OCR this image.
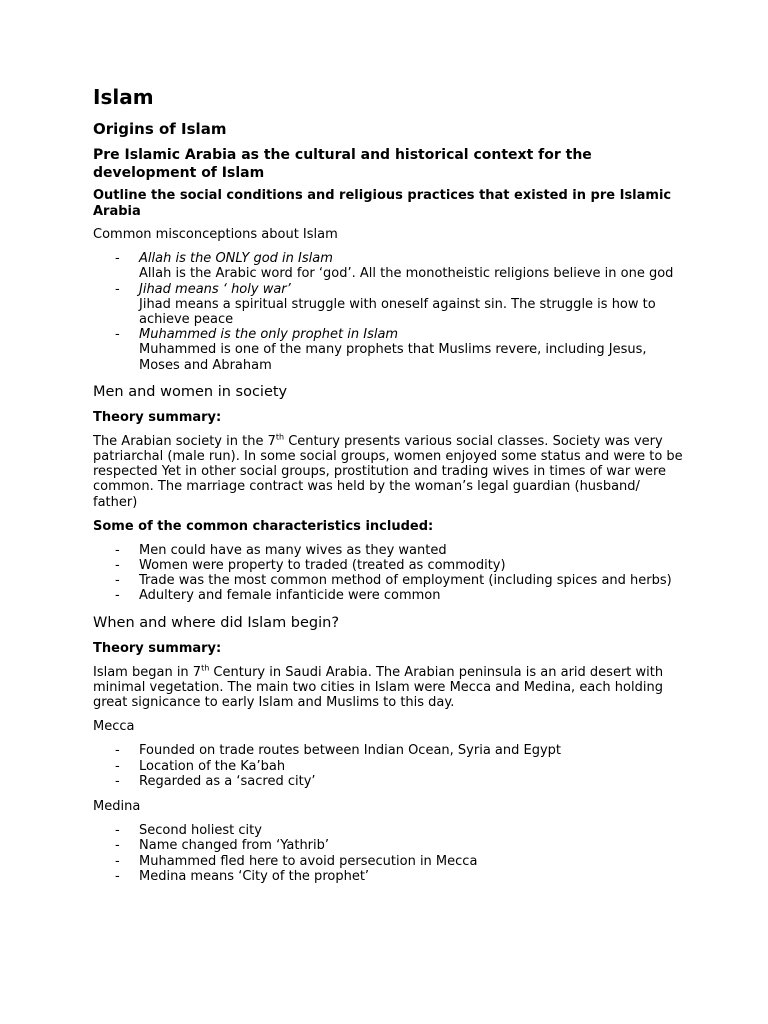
Islam
Origins of Islam
Pre Islamic Arabia as the cultural and historical context for the development of Islam
Outline the social conditions and religious practices that existed in pre Islamic Arabia

Common misconceptions about Islam

- Allah is the ONLY god in Islam
Allah is the Arabic word for ‘god’. All the monotheistic religions believe in one god
- Jihad means ‘ holy war’
Jihad means a spiritual struggle with oneself against sin. The struggle is how to achieve peace
- Muhammed is the only prophet in Islam
Muhammed is one of the many prophets that Muslims revere, including Jesus, Moses and Abraham
Men and women in society
Theory summary:

The Arabian society in the 7th Century presents various social classes. Society was very patriarchal (male run). In some social groups, women enjoyed some status and were to be respected Yet in other social groups, prostitution and trading wives in times of war were common. The marriage contract was held by the woman’s legal guardian (husband/ father)

Some of the common characteristics included:
- Men could have as many wives as they wanted
- Women were property to traded (treated as commodity)
- Trade was the most common method of employment (including spices and herbs)
- Adultery and female infanticide were common
When and where did Islam begin?
Theory summary:

Islam began in 7th Century in Saudi Arabia. The Arabian peninsula is an arid desert with minimal vegetation. The main two cities in Islam were Mecca and Medina, each holding great signicance to early Islam and Muslims to this day.

Mecca

- Founded on trade routes between Indian Ocean, Syria and Egypt
- Location of the Ka’bah
- Regarded as a ‘sacred city’

Medina

- Second holiest city
- Name changed from ‘Yathrib’
- Muhammed fled here to avoid persecution in Mecca
- Medina means ‘City of the prophet’
